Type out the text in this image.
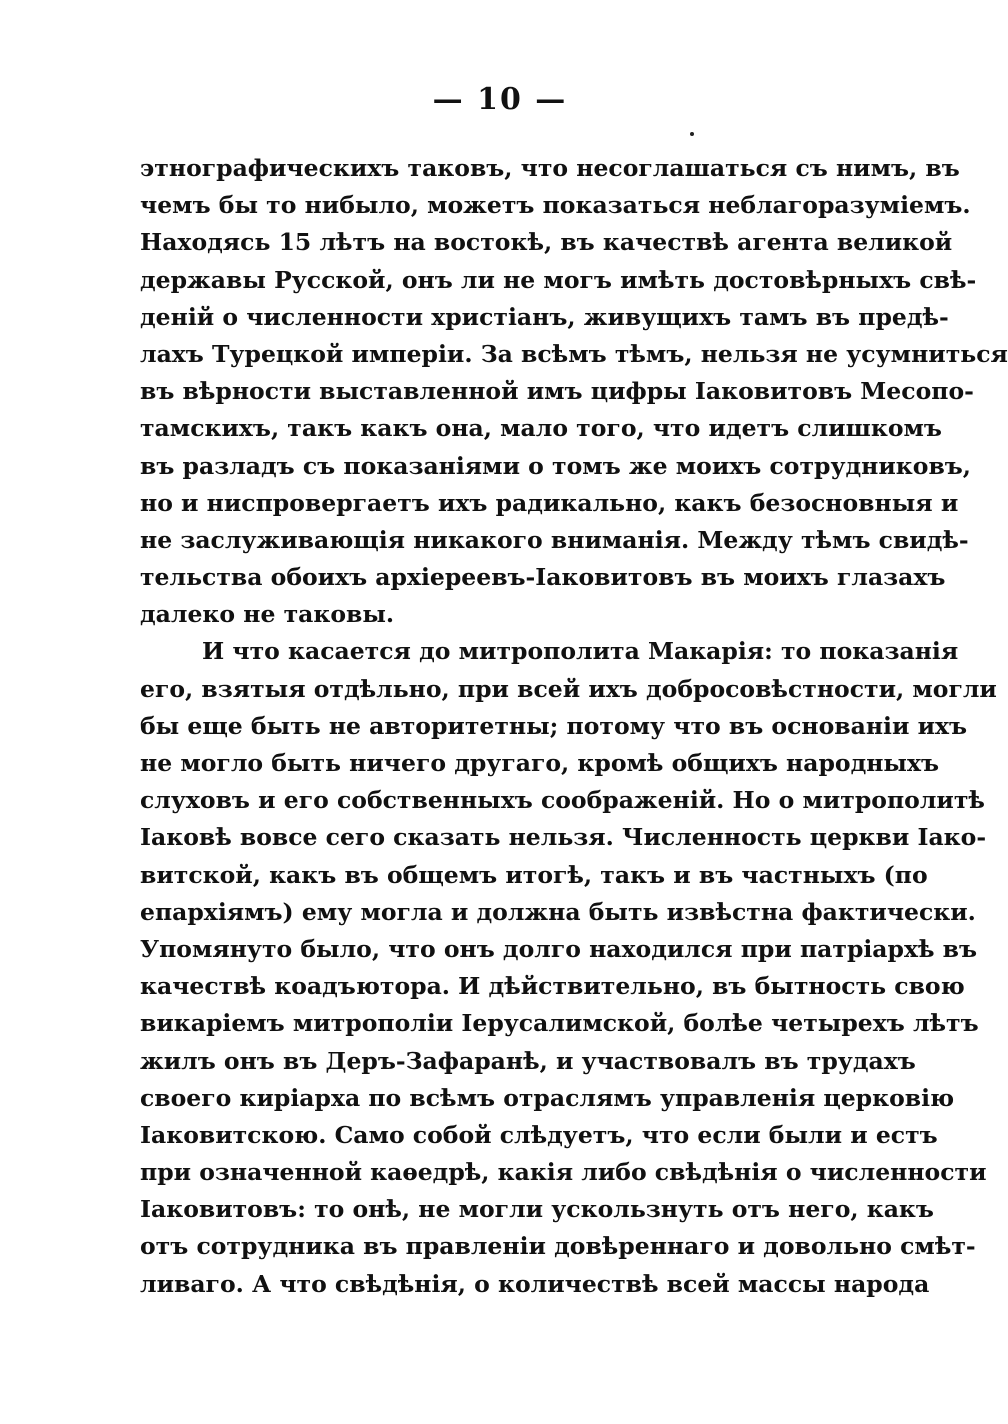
— 10 —
этнографическихъ таковъ, что несоглашаться съ нимъ, въ
чемъ бы то нибыло, можетъ показаться неблагоразуміемъ.
Находясь 15 лѣтъ на востокѣ, въ качествѣ агента великой
державы Русской, онъ ли не могъ имѣть достовѣрныхъ свѣ-
деній о численности христіанъ, живущихъ тамъ въ предѣ-
лахъ Турецкой имперіи. За всѣмъ тѣмъ, нельзя не усумниться
въ вѣрности выставленной имъ цифры Іаковитовъ Месопо-
тамскихъ, такъ какъ она, мало того, что идетъ слишкомъ
въ разладъ съ показаніями о томъ же моихъ сотрудниковъ,
но и ниспровергаетъ ихъ радикально, какъ безосновныя и
не заслуживающія никакого вниманія. Между тѣмъ свидѣ-
тельства обоихъ архіереевъ-Іаковитовъ въ моихъ глазахъ
далеко не таковы.
И что касается до митрополита Макарія: то показанія
его, взятыя отдѣльно, при всей ихъ добросовѣстности, могли
бы еще быть не авторитетны; потому что въ основаніи ихъ
не могло быть ничего другаго, кромѣ общихъ народныхъ
слуховъ и его собственныхъ соображеній. Но о митрополитѣ
Іаковѣ вовсе сего сказать нельзя. Численность церкви Іако-
витской, какъ въ общемъ итогѣ, такъ и въ частныхъ (по
епархіямъ) ему могла и должна быть извѣстна фактически.
Упомянуто было, что онъ долго находился при патріархѣ въ
качествѣ коадъютора. И дѣйствительно, въ бытность свою
викаріемъ митрополіи Іерусалимской, болѣе четырехъ лѣтъ
жилъ онъ въ Деръ-Зафаранѣ, и участвовалъ въ трудахъ
своего киріарха по всѣмъ отраслямъ управленія церковію
Іаковитскою. Само собой слѣдуетъ, что если были и естъ
при означенной каѳедрѣ, какія либо свѣдѣнія о численности
Іаковитовъ: то онѣ, не могли ускользнуть отъ него, какъ
отъ сотрудника въ правленіи довѣреннаго и довольно смѣт-
ливаго. А что свѣдѣнія, о количествѣ всей массы народа
